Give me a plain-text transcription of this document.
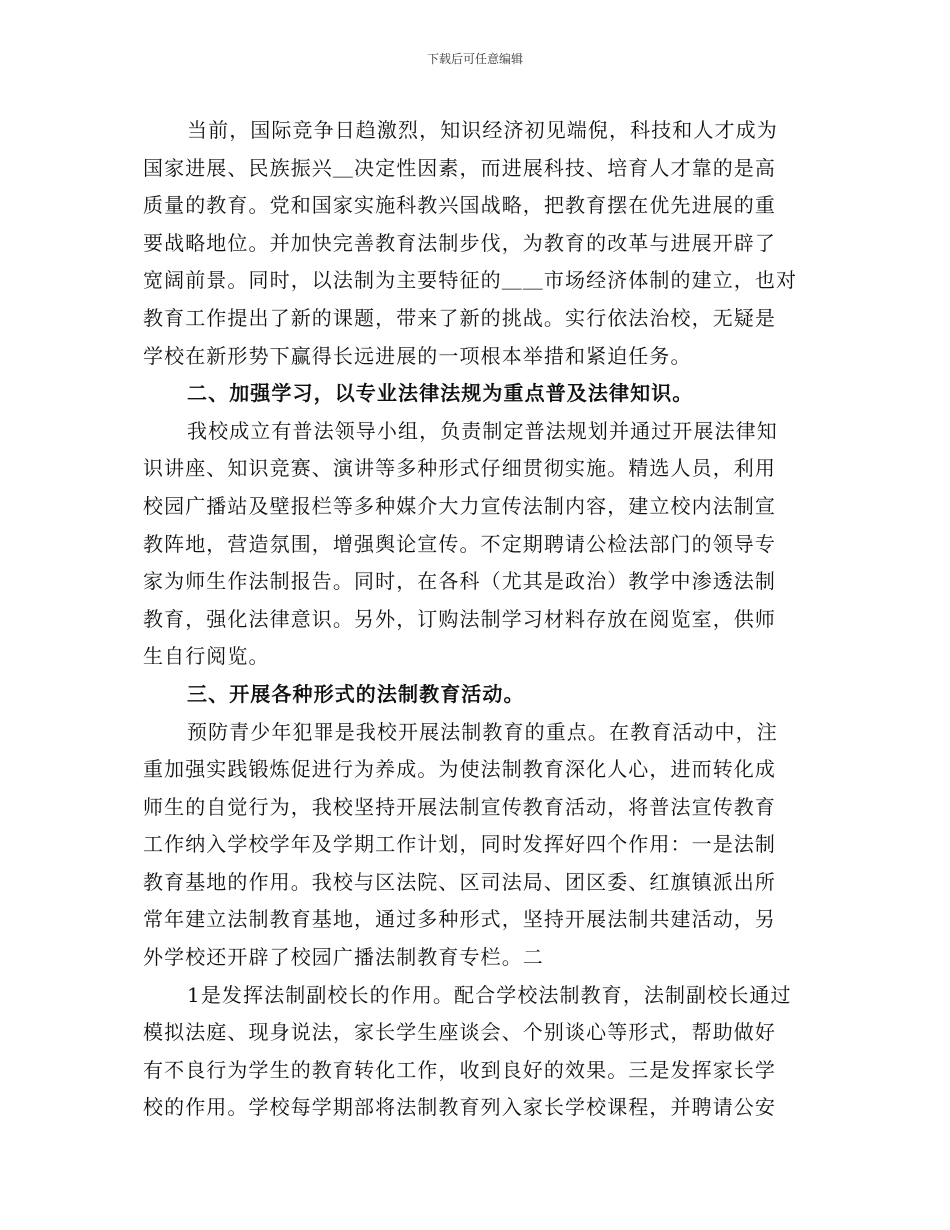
下载后可任意编辑
当前，国际竞争日趋激烈，知识经济初见端倪，科技和人才成为
国家进展、民族振兴＿决定性因素，而进展科技、培育人才靠的是高
质量的教育。党和国家实施科教兴国战略，把教育摆在优先进展的重
要战略地位。并加快完善教育法制步伐，为教育的改革与进展开辟了
宽阔前景。同时，以法制为主要特征的＿＿市场经济体制的建立，也对
教育工作提出了新的课题，带来了新的挑战。实行依法治校，无疑是
学校在新形势下赢得长远进展的一项根本举措和紧迫任务。
二、加强学习，以专业法律法规为重点普及法律知识。
我校成立有普法领导小组，负责制定普法规划并通过开展法律知
识讲座、知识竞赛、演讲等多种形式仔细贯彻实施。精选人员，利用
校园广播站及壁报栏等多种媒介大力宣传法制内容，建立校内法制宣
教阵地，营造氛围，增强舆论宣传。不定期聘请公检法部门的领导专
家为师生作法制报告。同时，在各科（尤其是政治）教学中渗透法制
教育，强化法律意识。另外，订购法制学习材料存放在阅览室，供师
生自行阅览。
三、开展各种形式的法制教育活动。
预防青少年犯罪是我校开展法制教育的重点。在教育活动中，注
重加强实践锻炼促进行为养成。为使法制教育深化人心，进而转化成
师生的自觉行为，我校坚持开展法制宣传教育活动，将普法宣传教育
工作纳入学校学年及学期工作计划，同时发挥好四个作用：一是法制
教育基地的作用。我校与区法院、区司法局、团区委、红旗镇派出所
常年建立法制教育基地，通过多种形式，坚持开展法制共建活动，另
外学校还开辟了校园广播法制教育专栏。二
1是发挥法制副校长的作用。配合学校法制教育，法制副校长通过
模拟法庭、现身说法，家长学生座谈会、个别谈心等形式，帮助做好
有不良行为学生的教育转化工作，收到良好的效果。三是发挥家长学
校的作用。学校每学期部将法制教育列入家长学校课程，并聘请公安
